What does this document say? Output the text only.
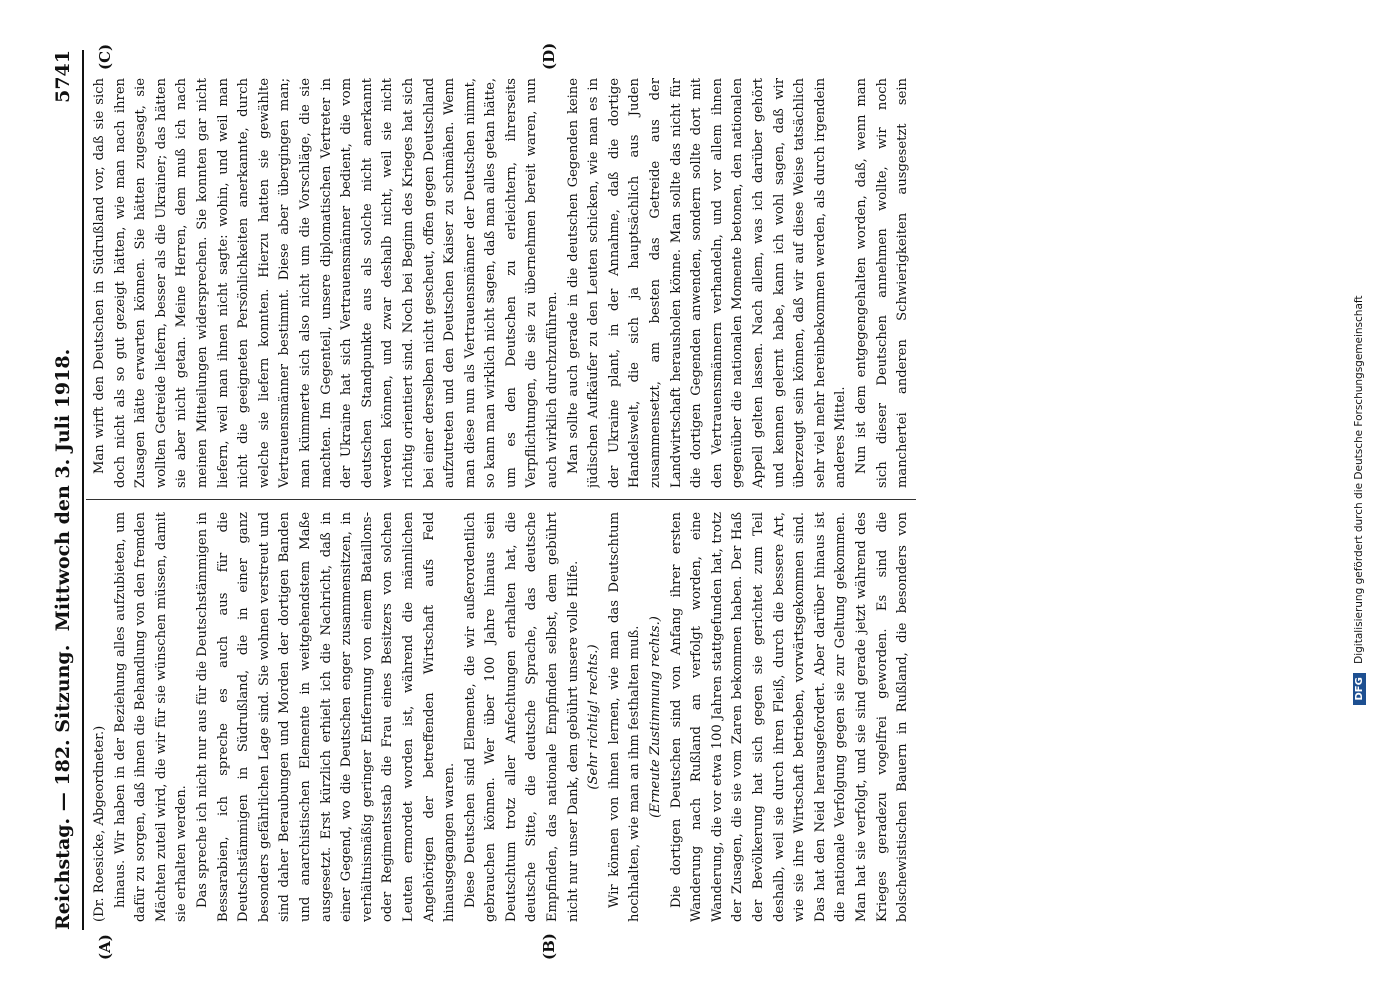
Reichstag. — 182. Sitzung.
Mittwoch den 3. Juli 1918.
5741
(A)	(B)
(C)	(D)

(Dr. Roesicke, Abgeordneter.) hinaus. Wir haben in der Beziehung alles aufzubieten, um dafür zu sorgen, daß ihnen die Behandlung von den fremden Mächten zuteil wird, die wir für sie wünschen müssen, damit sie erhalten werden. Das spreche ich nicht nur aus für die Deutschstämmigen in Bessarabien, ich spreche es auch aus für die Deutschstämmigen in Südrußland, die in einer ganz besonders gefährlichen Lage sind. Sie wohnen verstreut und sind daher Beraubungen und Morden der dortigen Banden und anarchistischen Elemente in weitgehendstem Maße ausgesetzt. Erst kürzlich erhielt ich die Nachricht, daß in einer Gegend, wo die Deutschen enger zusammensitzen, in verhältnismäßig geringer Entfernung von einem Bataillons- oder Regimentsstab die Frau eines Besitzers von solchen Leuten ermordet worden ist, während die männlichen Angehörigen der betreffenden Wirtschaft aufs Feld hinausgegangen waren. Diese Deutschen sind Elemente, die wir außerordentlich gebrauchen können. Wer über 100 Jahre hinaus sein Deutschtum trotz aller Anfechtungen erhalten hat, die deutsche Sitte, die deutsche Sprache, das deutsche Empfinden, das nationale Empfinden selbst, dem gebührt nicht nur unser Dank, dem gebührt unsere volle Hilfe. (Sehr richtig! rechts.) Wir können von ihnen lernen, wie man das Deutschtum hochhalten, wie man an ihm festhalten muß. (Erneute Zustimmung rechts.)

Die dortigen Deutschen sind von Anfang ihrer ersten Wanderung nach Rußland an verfolgt worden, eine Wanderung, die vor etwa 100 Jahren stattgefunden hat, trotz der Zusagen, die sie vom Zaren bekommen haben. Der Haß der Bevölkerung hat sich gegen sie gerichtet zum Teil deshalb, weil sie durch ihren Fleiß, durch die bessere Art, wie sie ihre Wirtschaft betrieben, vorwärtsgekommen sind. Das hat den Neid herausgefordert. Aber darüber hinaus ist die nationale Verfolgung gegen sie zur Geltung gekommen. Man hat sie verfolgt, und sie sind gerade jetzt während des Krieges geradezu vogelfrei geworden. Es sind die bolschewistischen Bauern in Rußland, die besonders von

Man wirft den Deutschen in Südrußland vor, daß sie sich doch nicht als so gut gezeigt hätten, wie man nach ihren Zusagen hätte erwarten können. Sie hätten zugesagt, sie wollten Getreide liefern, besser als die Ukrainer; das hätten sie aber nicht getan. Meine Herren, dem muß ich nach meinen Mitteilungen widersprechen. Sie konnten gar nicht liefern, weil man ihnen nicht sagte: wohin, und weil man nicht die geeigneten Persönlichkeiten anerkannte, durch welche sie liefern konnten. Hierzu hatten sie gewählte Vertrauensmänner bestimmt. Diese aber übergingen man; man kümmerte sich also nicht um die Vorschläge, die sie machten. Im Gegenteil, unsere diplomatischen Vertreter in der Ukraine hat sich Vertrauensmänner bedient, die vom deutschen Standpunkte aus als solche nicht anerkannt werden können, und zwar deshalb nicht, weil sie nicht richtig orientiert sind. Noch bei Beginn des Krieges hat sich bei einer derselben nicht gescheut, offen gegen Deutschland aufzutreten und den Deutschen Kaiser zu schmähen. Wenn man diese nun als Vertrauensmänner der Deutschen nimmt, so kann man wirklich nicht sagen, daß man alles getan hätte, um es den Deutschen zu erleichtern, ihrerseits Verpflichtungen, die sie zu übernehmen bereit waren, nun auch wirklich durchzuführen. Man sollte auch gerade in die deutschen Gegenden keine jüdischen Aufkäufer zu den Leuten schicken, wie man es in der Ukraine plant, in der Annahme, daß die dortige Handelswelt, die sich ja hauptsächlich aus Juden zusammensetzt, am besten das Getreide aus der Landwirtschaft herausholen könne. Man sollte das nicht für die dortigen Gegenden anwenden, sondern sollte dort mit den Vertrauensmännern verhandeln, und vor allem ihnen gegenüber die nationalen Momente betonen, den nationalen Appell gelten lassen. Nach allem, was ich darüber gehört und kennen gelernt habe, kann ich wohl sagen, daß wir überzeugt sein können, daß wir auf diese Weise tatsächlich sehr viel mehr hereinbekommen werden, als durch irgendein anderes Mittel. Nun ist dem entgegengehalten worden, daß, wenn man sich dieser Deutschen annehmen wollte, wir noch manchertei anderen Schwierigkeiten ausgesetzt sein

DFG Digitalisierung gefördert durch die Deutsche Forschungsgemeinschaft
